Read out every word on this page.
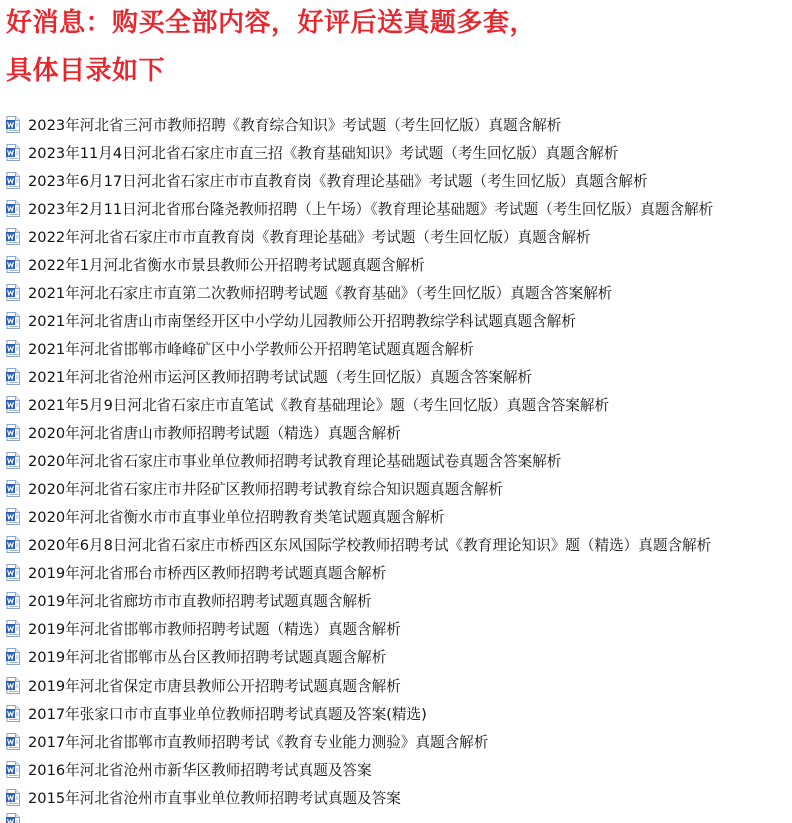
好消息：购买全部内容，好评后送真题多套，
具体目录如下
2023年河北省三河市教师招聘《教育综合知识》考试题（考生回忆版）真题含解析
2023年11月4日河北省石家庄市直三招《教育基础知识》考试题（考生回忆版）真题含解析
2023年6月17日河北省石家庄市市直教育岗《教育理论基础》考试题（考生回忆版）真题含解析
2023年2月11日河北省邢台隆尧教师招聘（上午场）《教育理论基础题》考试题（考生回忆版）真题含解析
2022年河北省石家庄市市直教育岗《教育理论基础》考试题（考生回忆版）真题含解析
2022年1月河北省衡水市景县教师公开招聘考试题真题含解析
2021年河北石家庄市直第二次教师招聘考试题《教育基础》（考生回忆版）真题含答案解析
2021年河北省唐山市南堡经开区中小学幼儿园教师公开招聘教综学科试题真题含解析
2021年河北省邯郸市峰峰矿区中小学教师公开招聘笔试题真题含解析
2021年河北省沧州市运河区教师招聘考试试题（考生回忆版）真题含答案解析
2021年5月9日河北省石家庄市直笔试《教育基础理论》题（考生回忆版）真题含答案解析
2020年河北省唐山市教师招聘考试题（精选）真题含解析
2020年河北省石家庄市事业单位教师招聘考试教育理论基础题试卷真题含答案解析
2020年河北省石家庄市井陉矿区教师招聘考试教育综合知识题真题含解析
2020年河北省衡水市市直事业单位招聘教育类笔试题真题含解析
2020年6月8日河北省石家庄市桥西区东风国际学校教师招聘考试《教育理论知识》题（精选）真题含解析
2019年河北省邢台市桥西区教师招聘考试题真题含解析
2019年河北省廊坊市市直教师招聘考试题真题含解析
2019年河北省邯郸市教师招聘考试题（精选）真题含解析
2019年河北省邯郸市丛台区教师招聘考试题真题含解析
2019年河北省保定市唐县教师公开招聘考试题真题含解析
2017年张家口市市直事业单位教师招聘考试真题及答案(精选)
2017年河北省邯郸市直教师招聘考试《教育专业能力测验》真题含解析
2016年河北省沧州市新华区教师招聘考试真题及答案
2015年河北省沧州市直事业单位教师招聘考试真题及答案
